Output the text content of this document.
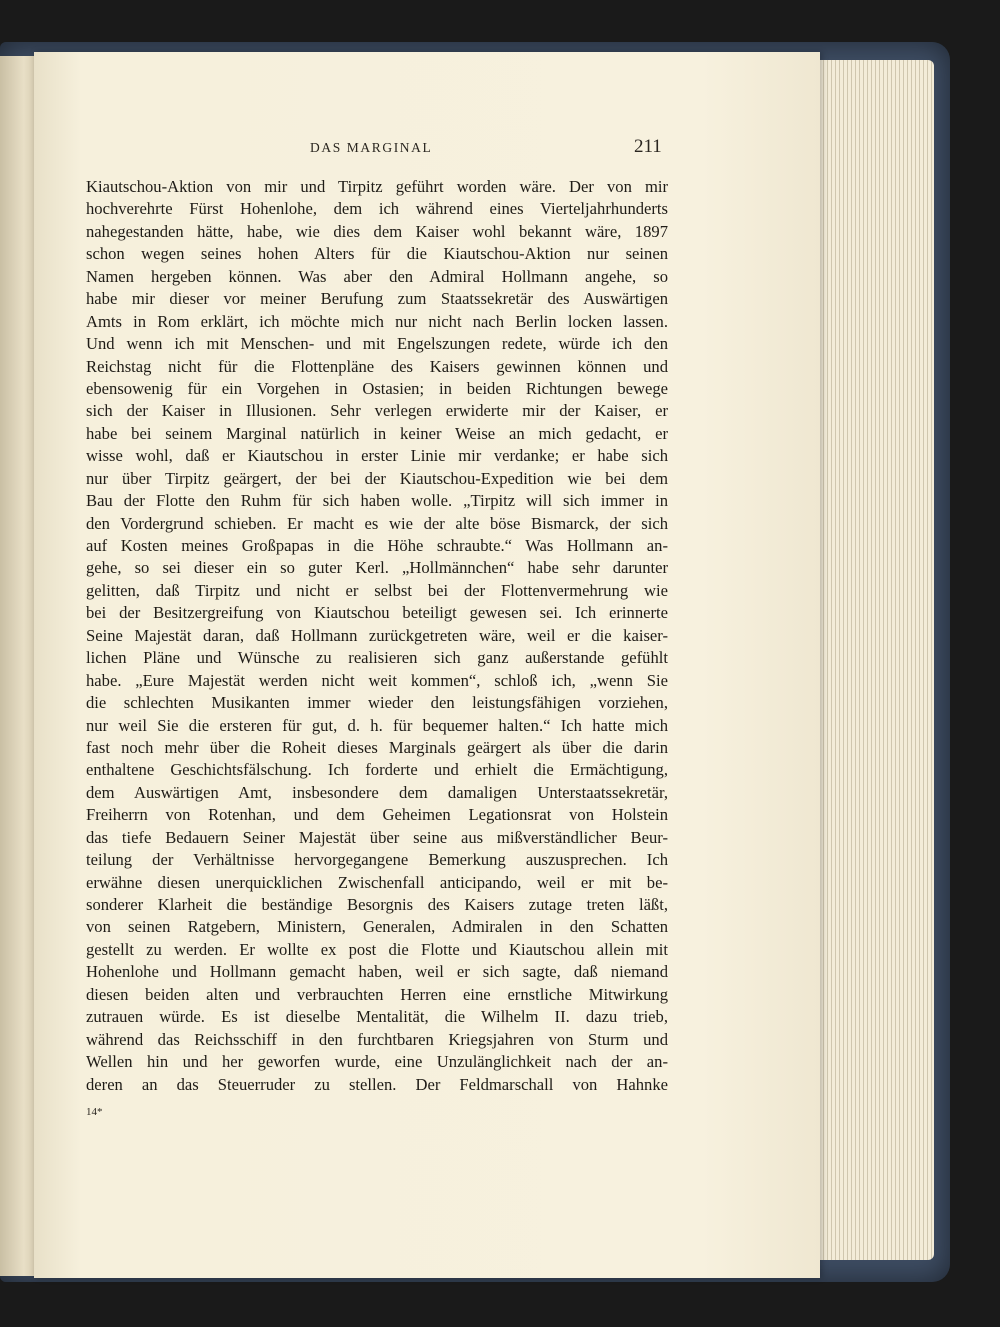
DAS MARGINAL	211
Kiautschou-Aktion von mir und Tirpitz geführt worden wäre. Der von mir
hochverehrte Fürst Hohenlohe, dem ich während eines Vierteljahrhunderts
nahegestanden hätte, habe, wie dies dem Kaiser wohl bekannt wäre, 1897
schon wegen seines hohen Alters für die Kiautschou-Aktion nur seinen
Namen hergeben können. Was aber den Admiral Hollmann angehe, so
habe mir dieser vor meiner Berufung zum Staatssekretär des Auswärtigen
Amts in Rom erklärt, ich möchte mich nur nicht nach Berlin locken lassen.
Und wenn ich mit Menschen- und mit Engelszungen redete, würde ich den
Reichstag nicht für die Flottenpläne des Kaisers gewinnen können und
ebensowenig für ein Vorgehen in Ostasien; in beiden Richtungen bewege
sich der Kaiser in Illusionen. Sehr verlegen erwiderte mir der Kaiser, er
habe bei seinem Marginal natürlich in keiner Weise an mich gedacht, er
wisse wohl, daß er Kiautschou in erster Linie mir verdanke; er habe sich
nur über Tirpitz geärgert, der bei der Kiautschou-Expedition wie bei dem
Bau der Flotte den Ruhm für sich haben wolle. „Tirpitz will sich immer in
den Vordergrund schieben. Er macht es wie der alte böse Bismarck, der sich
auf Kosten meines Großpapas in die Höhe schraubte.“ Was Hollmann an-
gehe, so sei dieser ein so guter Kerl. „Hollmännchen“ habe sehr darunter
gelitten, daß Tirpitz und nicht er selbst bei der Flottenvermehrung wie
bei der Besitzergreifung von Kiautschou beteiligt gewesen sei. Ich erinnerte
Seine Majestät daran, daß Hollmann zurückgetreten wäre, weil er die kaiser-
lichen Pläne und Wünsche zu realisieren sich ganz außerstande gefühlt
habe. „Eure Majestät werden nicht weit kommen“, schloß ich, „wenn Sie
die schlechten Musikanten immer wieder den leistungsfähigen vorziehen,
nur weil Sie die ersteren für gut, d. h. für bequemer halten.“ Ich hatte mich
fast noch mehr über die Roheit dieses Marginals geärgert als über die darin
enthaltene Geschichtsfälschung. Ich forderte und erhielt die Ermächtigung,
dem Auswärtigen Amt, insbesondere dem damaligen Unterstaatssekretär,
Freiherrn von Rotenhan, und dem Geheimen Legationsrat von Holstein
das tiefe Bedauern Seiner Majestät über seine aus mißverständlicher Beur-
teilung der Verhältnisse hervorgegangene Bemerkung auszusprechen. Ich
erwähne diesen unerquicklichen Zwischenfall anticipando, weil er mit be-
sonderer Klarheit die beständige Besorgnis des Kaisers zutage treten läßt,
von seinen Ratgebern, Ministern, Generalen, Admiralen in den Schatten
gestellt zu werden. Er wollte ex post die Flotte und Kiautschou allein mit
Hohenlohe und Hollmann gemacht haben, weil er sich sagte, daß niemand
diesen beiden alten und verbrauchten Herren eine ernstliche Mitwirkung
zutrauen würde. Es ist dieselbe Mentalität, die Wilhelm II. dazu trieb,
während das Reichsschiff in den furchtbaren Kriegsjahren von Sturm und
Wellen hin und her geworfen wurde, eine Unzulänglichkeit nach der an-
deren an das Steuerruder zu stellen. Der Feldmarschall von Hahnke
14*
